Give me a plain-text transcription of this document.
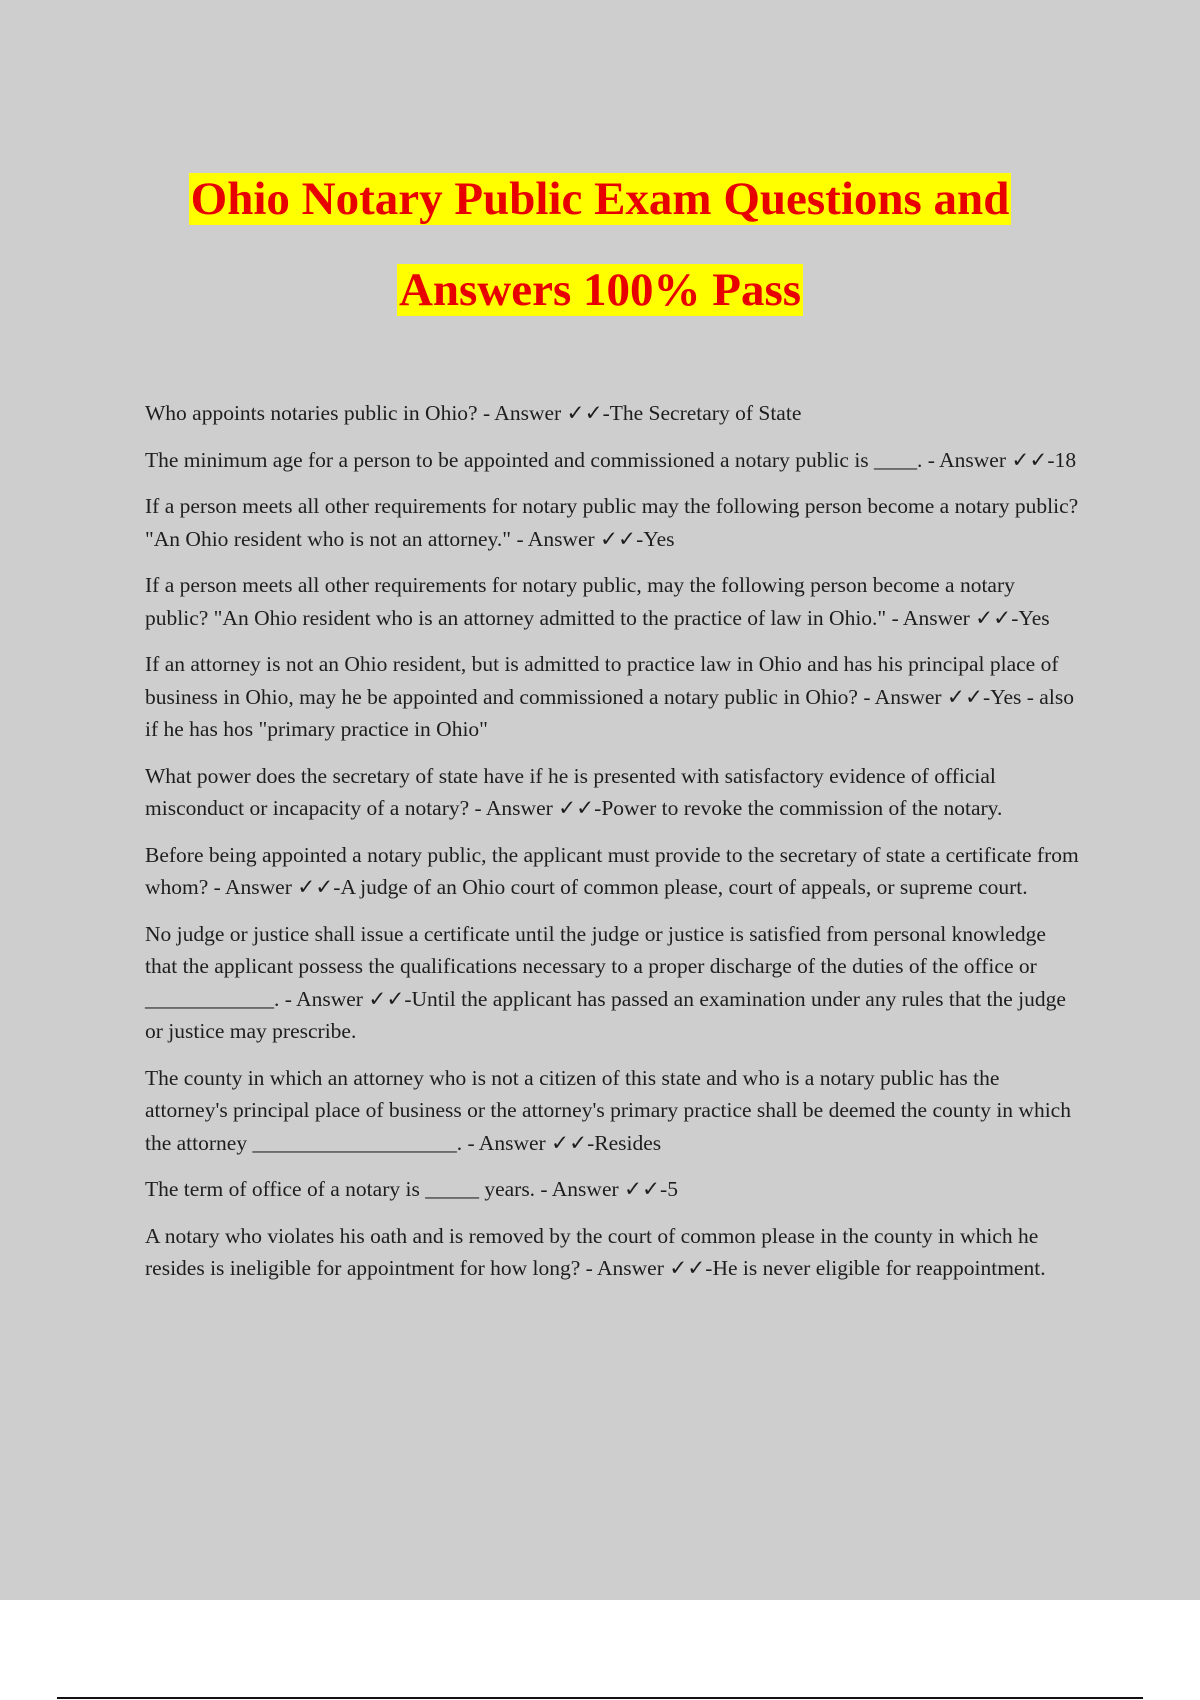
Ohio Notary Public Exam Questions and
Answers 100% Pass

Who appoints notaries public in Ohio? - Answer ✓✓-The Secretary of State

The minimum age for a person to be appointed and commissioned a notary public is ____. - Answer ✓✓-18

If a person meets all other requirements for notary public may the following person become a notary public? "An Ohio resident who is not an attorney." - Answer ✓✓-Yes

If a person meets all other requirements for notary public, may the following person become a notary public? "An Ohio resident who is an attorney admitted to the practice of law in Ohio." - Answer ✓✓-Yes

If an attorney is not an Ohio resident, but is admitted to practice law in Ohio and has his principal place of business in Ohio, may he be appointed and commissioned a notary public in Ohio? - Answer ✓✓-Yes - also if he has hos "primary practice in Ohio"

What power does the secretary of state have if he is presented with satisfactory evidence of official misconduct or incapacity of a notary? - Answer ✓✓-Power to revoke the commission of the notary.

Before being appointed a notary public, the applicant must provide to the secretary of state a certificate from whom? - Answer ✓✓-A judge of an Ohio court of common please, court of appeals, or supreme court.

No judge or justice shall issue a certificate until the judge or justice is satisfied from personal knowledge that the applicant possess the qualifications necessary to a proper discharge of the duties of the office or ____________. - Answer ✓✓-Until the applicant has passed an examination under any rules that the judge or justice may prescribe.

The county in which an attorney who is not a citizen of this state and who is a notary public has the attorney's principal place of business or the attorney's primary practice shall be deemed the county in which the attorney ___________________. - Answer ✓✓-Resides

The term of office of a notary is _____ years. - Answer ✓✓-5

A notary who violates his oath and is removed by the court of common please in the county in which he resides is ineligible for appointment for how long? - Answer ✓✓-He is never eligible for reappointment.
